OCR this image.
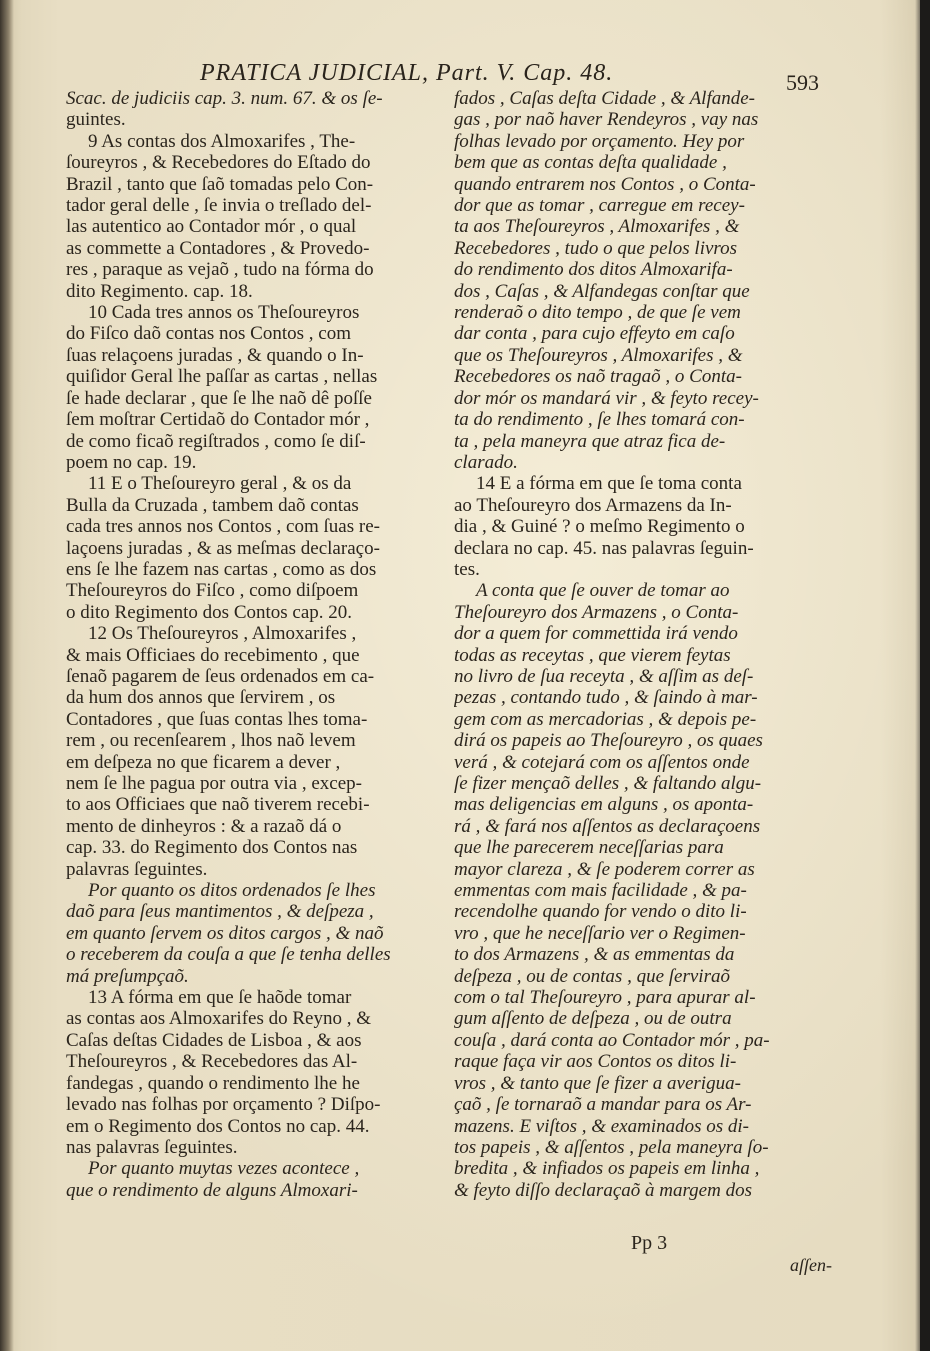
PRATICA JUDICIAL, Part. V. Cap. 48.	593
Scac. de judiciis cap. 3. num. 67. & os ſe-
guintes.
9 As contas dos Almoxarifes , The-
ſoureyros , & Recebedores do Eſtado do
Brazil , tanto que ſaõ tomadas pelo Con-
tador geral delle , ſe invia o treſlado del-
las autentico ao Contador mór , o qual
as commette a Contadores , & Provedo-
res , paraque as vejaõ , tudo na fórma do
dito Regimento. cap. 18.
10 Cada tres annos os Theſoureyros
do Fiſco daõ contas nos Contos , com
ſuas relaçoens juradas , & quando o In-
quiſidor Geral lhe paſſar as cartas , nellas
ſe hade declarar , que ſe lhe naõ dê poſſe
ſem moſtrar Certidaõ do Contador mór ,
de como ficaõ regiſtrados , como ſe diſ-
poem no cap. 19.
11 E o Theſoureyro geral , & os da
Bulla da Cruzada , tambem daõ contas
cada tres annos nos Contos , com ſuas re-
laçoens juradas , & as meſmas declaraço-
ens ſe lhe fazem nas cartas , como as dos
Theſoureyros do Fiſco , como diſpoem
o dito Regimento dos Contos cap. 20.
12 Os Theſoureyros , Almoxarifes ,
& mais Officiaes do recebimento , que
ſenaõ pagarem de ſeus ordenados em ca-
da hum dos annos que ſervirem , os
Contadores , que ſuas contas lhes toma-
rem , ou recenſearem , lhos naõ levem
em deſpeza no que ficarem a dever ,
nem ſe lhe pagua por outra via , excep-
to aos Officiaes que naõ tiverem recebi-
mento de dinheyros : & a razaõ dá o
cap. 33. do Regimento dos Contos nas
palavras ſeguintes.
Por quanto os ditos ordenados ſe lhes
daõ para ſeus mantimentos , & deſpeza ,
em quanto ſervem os ditos cargos , & naõ
o receberem da couſa a que ſe tenha delles
má preſumpçaõ.
13 A fórma em que ſe haõde tomar
as contas aos Almoxarifes do Reyno , &
Caſas deſtas Cidades de Lisboa , & aos
Theſoureyros , & Recebedores das Al-
fandegas , quando o rendimento lhe he
levado nas folhas por orçamento ? Diſpo-
em o Regimento dos Contos no cap. 44.
nas palavras ſeguintes.
Por quanto muytas vezes acontece ,
que o rendimento de alguns Almoxari-
fados , Caſas deſta Cidade , & Alfande-
gas , por naõ haver Rendeyros , vay nas
folhas levado por orçamento. Hey por
bem que as contas deſta qualidade ,
quando entrarem nos Contos , o Conta-
dor que as tomar , carregue em recey-
ta aos Theſoureyros , Almoxarifes , &
Recebedores , tudo o que pelos livros
do rendimento dos ditos Almoxarifa-
dos , Caſas , & Alfandegas conſtar que
renderaõ o dito tempo , de que ſe vem
dar conta , para cujo effeyto em caſo
que os Theſoureyros , Almoxarifes , &
Recebedores os naõ tragaõ , o Conta-
dor mór os mandará vir , & feyto recey-
ta do rendimento , ſe lhes tomará con-
ta , pela maneyra que atraz fica de-
clarado.
14 E a fórma em que ſe toma conta
ao Theſoureyro dos Armazens da In-
dia , & Guiné ? o meſmo Regimento o
declara no cap. 45. nas palavras ſeguin-
tes.
A conta que ſe ouver de tomar ao
Theſoureyro dos Armazens , o Conta-
dor a quem for commettida irá vendo
todas as receytas , que vierem feytas
no livro de ſua receyta , & aſſim as deſ-
pezas , contando tudo , & ſaindo à mar-
gem com as mercadorias , & depois pe-
dirá os papeis ao Theſoureyro , os quaes
verá , & cotejará com os aſſentos onde
ſe fizer mençaõ delles , & faltando algu-
mas deligencias em alguns , os aponta-
rá , & fará nos aſſentos as declaraçoens
que lhe parecerem neceſſarias para
mayor clareza , & ſe poderem correr as
emmentas com mais facilidade , & pa-
recendolhe quando for vendo o dito li-
vro , que he neceſſario ver o Regimen-
to dos Armazens , & as emmentas da
deſpeza , ou de contas , que ſerviraõ
com o tal Theſoureyro , para apurar al-
gum aſſento de deſpeza , ou de outra
couſa , dará conta ao Contador mór , pa-
raque faça vir aos Contos os ditos li-
vros , & tanto que ſe fizer a averigua-
çaõ , ſe tornaraõ a mandar para os Ar-
mazens. E viſtos , & examinados os di-
tos papeis , & aſſentos , pela maneyra ſo-
bredita , & infiados os papeis em linha ,
& feyto diſſo declaraçaõ à margem dos
Pp 3
aſſen-
